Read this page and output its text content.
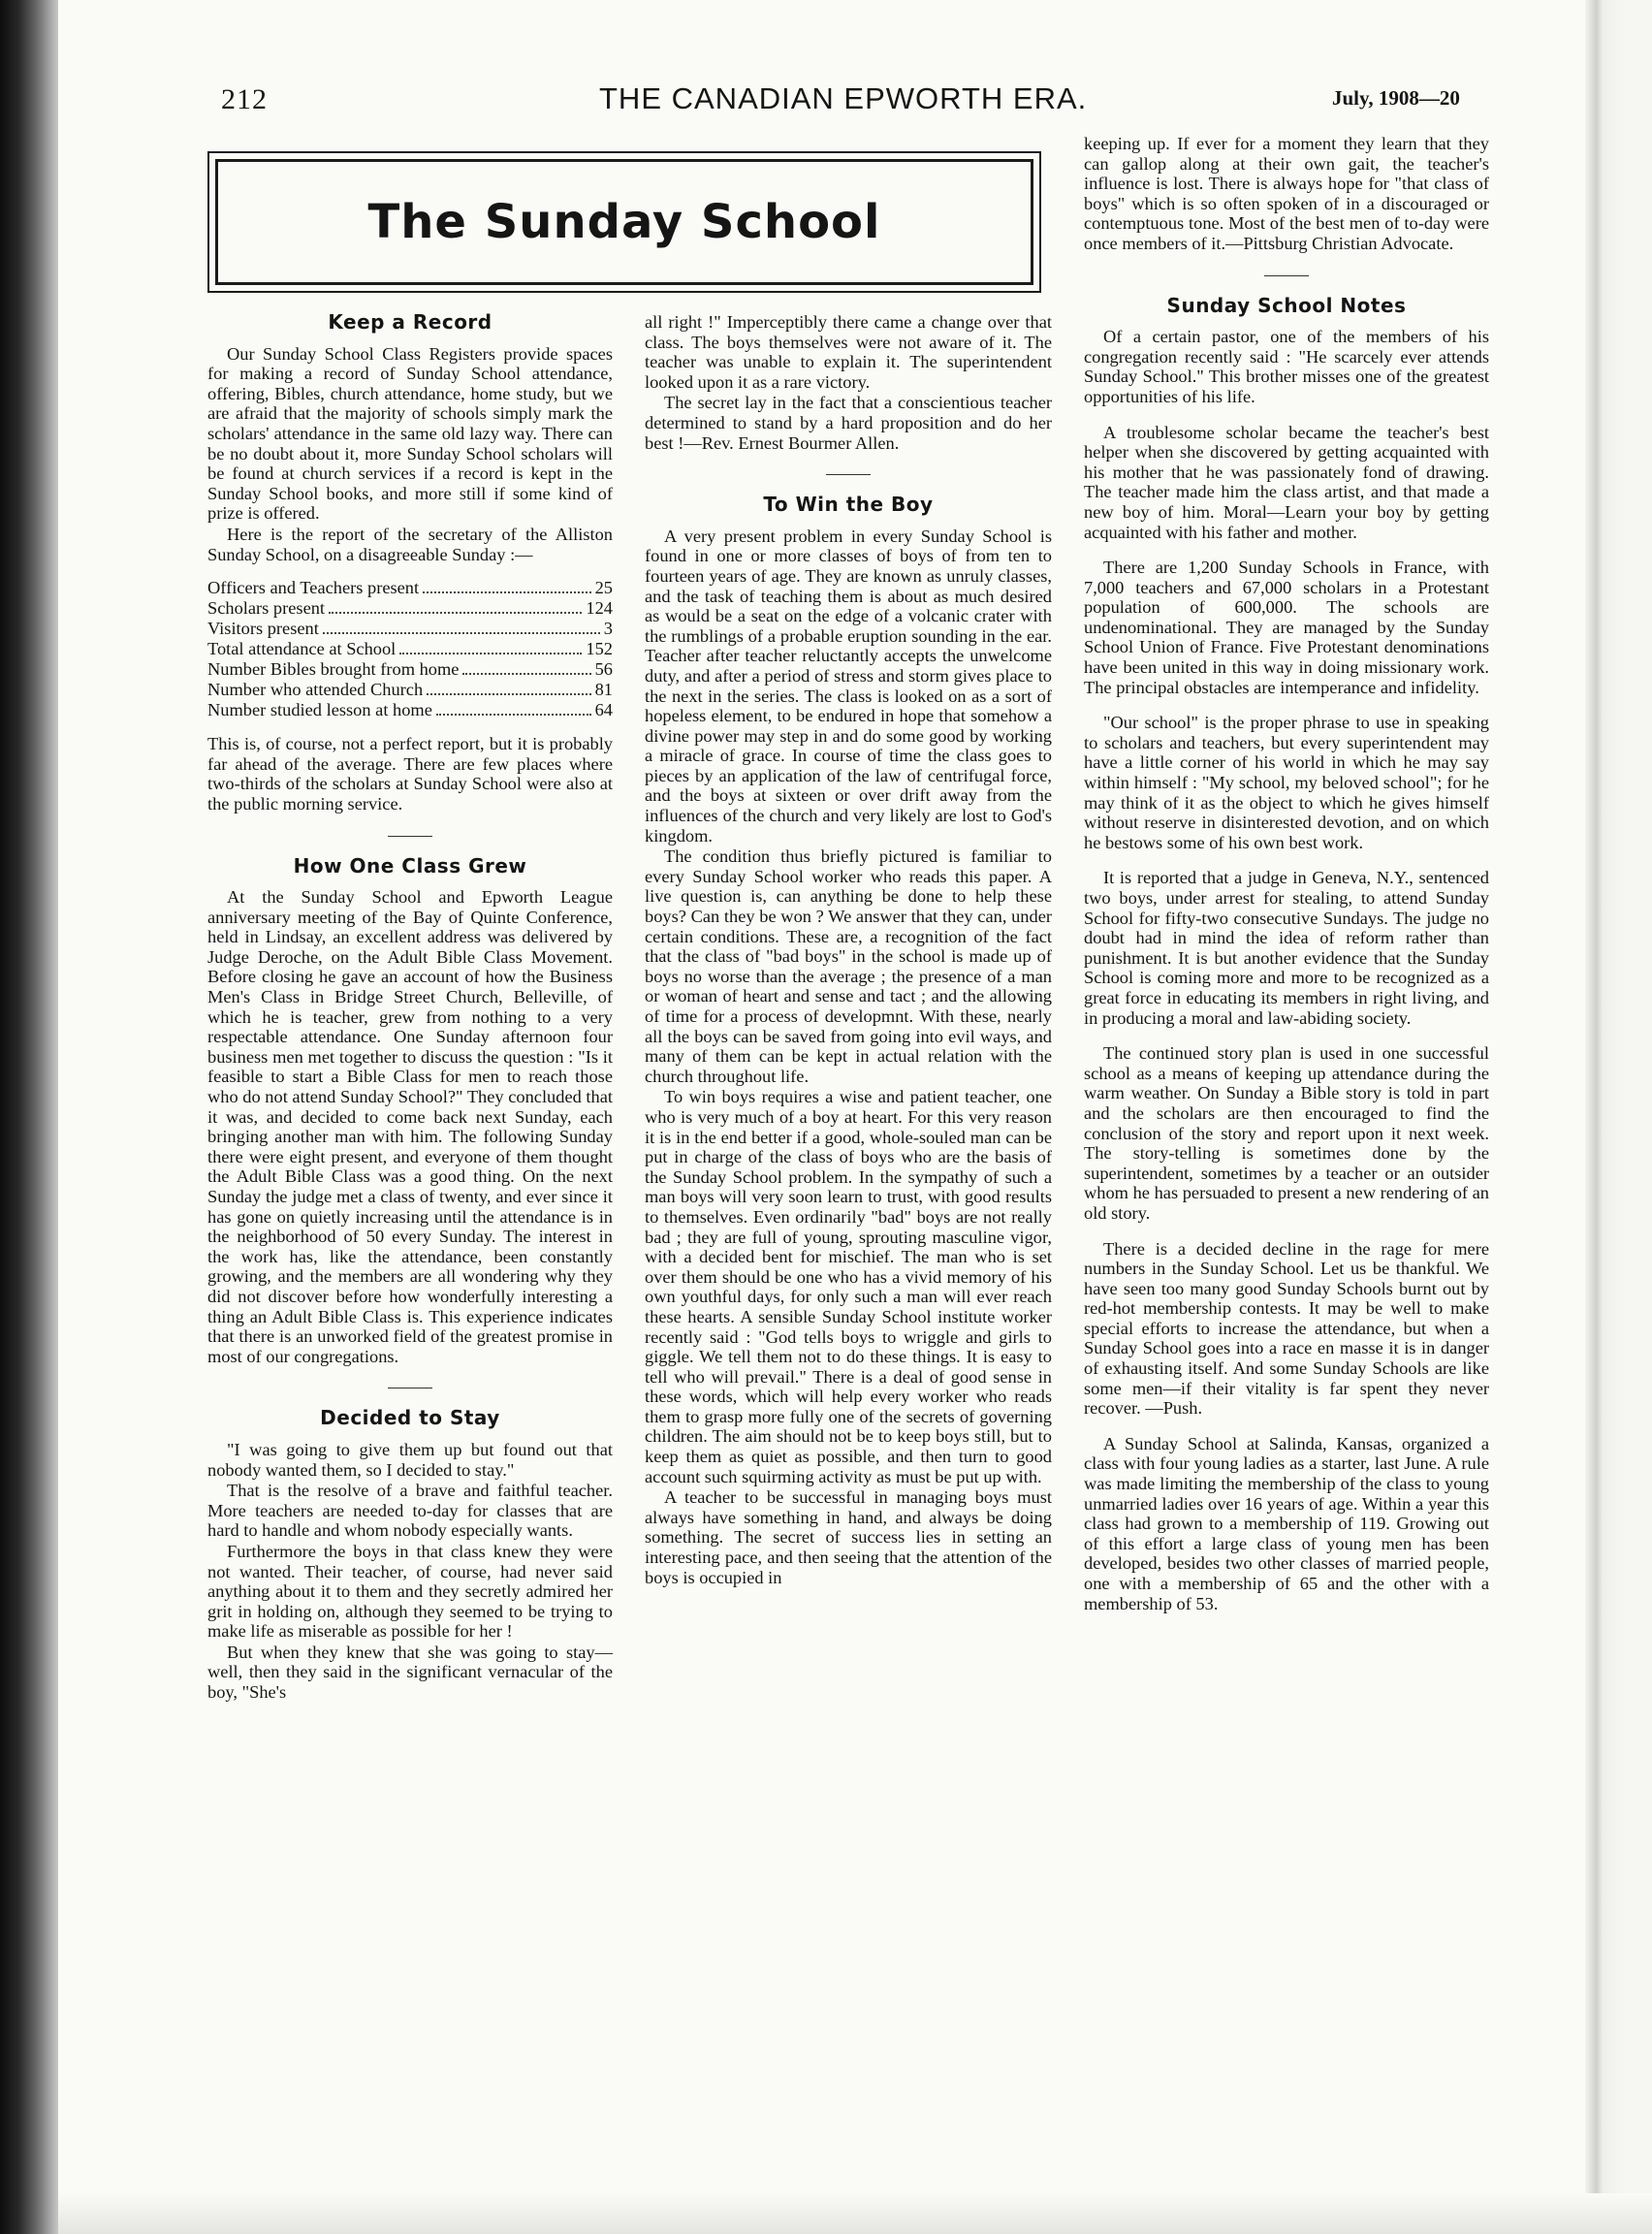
212	THE CANADIAN EPWORTH ERA.	July, 1908—20
The Sunday School
Keep a Record

Our Sunday School Class Registers provide spaces for making a record of Sunday School attendance, offering, Bibles, church attendance, home study, but we are afraid that the majority of schools simply mark the scholars' attendance in the same old lazy way. There can be no doubt about it, more Sunday School scholars will be found at church services if a record is kept in the Sunday School books, and more still if some kind of prize is offered.

Here is the report of the secretary of the Alliston Sunday School, on a disagreeable Sunday :—

Officers and Teachers present	25
Scholars present	124
Visitors present	3
Total attendance at School	152
Number Bibles brought from home	56
Number who attended Church	81
Number studied lesson at home	64

This is, of course, not a perfect report, but it is probably far ahead of the average. There are few places where two-thirds of the scholars at Sunday School were also at the public morning service.

How One Class Grew

At the Sunday School and Epworth League anniversary meeting of the Bay of Quinte Conference, held in Lindsay, an excellent address was delivered by Judge Deroche, on the Adult Bible Class Movement. Before closing he gave an account of how the Business Men's Class in Bridge Street Church, Belleville, of which he is teacher, grew from nothing to a very respectable attendance. One Sunday afternoon four business men met together to discuss the question : "Is it feasible to start a Bible Class for men to reach those who do not attend Sunday School?" They concluded that it was, and decided to come back next Sunday, each bringing another man with him. The following Sunday there were eight present, and everyone of them thought the Adult Bible Class was a good thing. On the next Sunday the judge met a class of twenty, and ever since it has gone on quietly increasing until the attendance is in the neighborhood of 50 every Sunday. The interest in the work has, like the attendance, been constantly growing, and the members are all wondering why they did not discover before how wonderfully interesting a thing an Adult Bible Class is. This experience indicates that there is an unworked field of the greatest promise in most of our congregations.

Decided to Stay

"I was going to give them up but found out that nobody wanted them, so I decided to stay."

That is the resolve of a brave and faithful teacher. More teachers are needed to-day for classes that are hard to handle and whom nobody especially wants.

Furthermore the boys in that class knew they were not wanted. Their teacher, of course, had never said anything about it to them and they secretly admired her grit in holding on, although they seemed to be trying to make life as miserable as possible for her !

But when they knew that she was going to stay—well, then they said in the significant vernacular of the boy, "She's

all right !" Imperceptibly there came a change over that class. The boys themselves were not aware of it. The teacher was unable to explain it. The superintendent looked upon it as a rare victory.

The secret lay in the fact that a conscientious teacher determined to stand by a hard proposition and do her best !—Rev. Ernest Bourmer Allen.

To Win the Boy

A very present problem in every Sunday School is found in one or more classes of boys of from ten to fourteen years of age. They are known as unruly classes, and the task of teaching them is about as much desired as would be a seat on the edge of a volcanic crater with the rumblings of a probable eruption sounding in the ear. Teacher after teacher reluctantly accepts the unwelcome duty, and after a period of stress and storm gives place to the next in the series. The class is looked on as a sort of hopeless element, to be endured in hope that somehow a divine power may step in and do some good by working a miracle of grace. In course of time the class goes to pieces by an application of the law of centrifugal force, and the boys at sixteen or over drift away from the influences of the church and very likely are lost to God's kingdom.

The condition thus briefly pictured is familiar to every Sunday School worker who reads this paper. A live question is, can anything be done to help these boys? Can they be won ? We answer that they can, under certain conditions. These are, a recognition of the fact that the class of "bad boys" in the school is made up of boys no worse than the average ; the presence of a man or woman of heart and sense and tact ; and the allowing of time for a process of developmnt. With these, nearly all the boys can be saved from going into evil ways, and many of them can be kept in actual relation with the church throughout life.

To win boys requires a wise and patient teacher, one who is very much of a boy at heart. For this very reason it is in the end better if a good, whole-souled man can be put in charge of the class of boys who are the basis of the Sunday School problem. In the sympathy of such a man boys will very soon learn to trust, with good results to themselves. Even ordinarily "bad" boys are not really bad ; they are full of young, sprouting masculine vigor, with a decided bent for mischief. The man who is set over them should be one who has a vivid memory of his own youthful days, for only such a man will ever reach these hearts. A sensible Sunday School institute worker recently said : "God tells boys to wriggle and girls to giggle. We tell them not to do these things. It is easy to tell who will prevail." There is a deal of good sense in these words, which will help every worker who reads them to grasp more fully one of the secrets of governing children. The aim should not be to keep boys still, but to keep them as quiet as possible, and then turn to good account such squirming activity as must be put up with.

A teacher to be successful in managing boys must always have something in hand, and always be doing something. The secret of success lies in setting an interesting pace, and then seeing that the attention of the boys is occupied in

keeping up. If ever for a moment they learn that they can gallop along at their own gait, the teacher's influence is lost. There is always hope for "that class of boys" which is so often spoken of in a discouraged or contemptuous tone. Most of the best men of to-day were once members of it.—Pittsburg Christian Advocate.

Sunday School Notes

Of a certain pastor, one of the members of his congregation recently said : "He scarcely ever attends Sunday School." This brother misses one of the greatest opportunities of his life.

A troublesome scholar became the teacher's best helper when she discovered by getting acquainted with his mother that he was passionately fond of drawing. The teacher made him the class artist, and that made a new boy of him. Moral—Learn your boy by getting acquainted with his father and mother.

There are 1,200 Sunday Schools in France, with 7,000 teachers and 67,000 scholars in a Protestant population of 600,000. The schools are undenominational. They are managed by the Sunday School Union of France. Five Protestant denominations have been united in this way in doing missionary work. The principal obstacles are intemperance and infidelity.

"Our school" is the proper phrase to use in speaking to scholars and teachers, but every superintendent may have a little corner of his world in which he may say within himself : "My school, my beloved school"; for he may think of it as the object to which he gives himself without reserve in disinterested devotion, and on which he bestows some of his own best work.

It is reported that a judge in Geneva, N.Y., sentenced two boys, under arrest for stealing, to attend Sunday School for fifty-two consecutive Sundays. The judge no doubt had in mind the idea of reform rather than punishment. It is but another evidence that the Sunday School is coming more and more to be recognized as a great force in educating its members in right living, and in producing a moral and law-abiding society.

The continued story plan is used in one successful school as a means of keeping up attendance during the warm weather. On Sunday a Bible story is told in part and the scholars are then encouraged to find the conclusion of the story and report upon it next week. The story-telling is sometimes done by the superintendent, sometimes by a teacher or an outsider whom he has persuaded to present a new rendering of an old story.

There is a decided decline in the rage for mere numbers in the Sunday School. Let us be thankful. We have seen too many good Sunday Schools burnt out by red-hot membership contests. It may be well to make special efforts to increase the attendance, but when a Sunday School goes into a race en masse it is in danger of exhausting itself. And some Sunday Schools are like some men—if their vitality is far spent they never recover. —Push.

A Sunday School at Salinda, Kansas, organized a class with four young ladies as a starter, last June. A rule was made limiting the membership of the class to young unmarried ladies over 16 years of age. Within a year this class had grown to a membership of 119. Growing out of this effort a large class of young men has been developed, besides two other classes of married people, one with a membership of 65 and the other with a membership of 53.
